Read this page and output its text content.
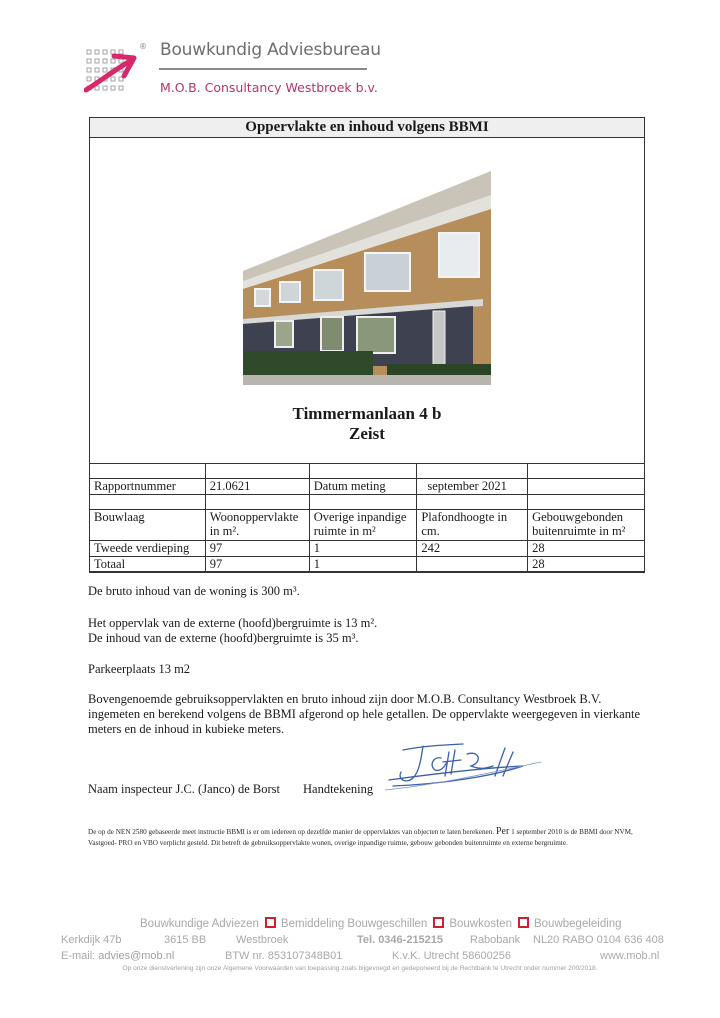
® Bouwkundig Adviesbureau
M.O.B. Consultancy Westbroek b.v.
Oppervlakte en inhoud volgens BBMI
Timmermanlaan 4 b
Zeist

Rapportnummer	21.0621	Datum meting	september 2021	

Bouwlaag	Woonoppervlakte in m².	Overige inpandige ruimte in m²	Plafondhoogte in cm.	Gebouwgebonden buitenruimte in m²
Tweede verdieping	97	1	242	28
Totaal	97	1		28
De bruto inhoud van de woning is 300 m³.
Het oppervlak van de externe (hoofd)bergruimte is 13 m².
De inhoud van de externe (hoofd)bergruimte is 35 m³.
Parkeerplaats 13 m2
Bovengenoemde gebruiksoppervlakten en bruto inhoud zijn door M.O.B. Consultancy Westbroek B.V. ingemeten en berekend volgens de BBMI afgerond op hele getallen. De oppervlakte weergegeven in vierkante meters en de inhoud in kubieke meters.
Naam inspecteur J.C. (Janco) de Borst Handtekening
De op de NEN 2580 gebaseerde meet instructie BBMI is er om iedereen op dezelfde manier de oppervlaktes van objecten te laten berekenen. Per 1 september 2010 is de BBMI door NVM, Vastgoed- PRO en VBO verplicht gesteld. Dit betreft de gebruiksoppervlakte wonen, overige inpandige ruimte, gebouw gebonden buitenruimte en externe bergruimte.
Bouwkundige Adviezen Bemiddeling Bouwgeschillen Bouwkosten Bouwbegeleiding
Kerkdijk 47b	3615 BB	Westbroek	Tel. 0346-215215 Rabobank NL20 RABO 0104 636 408
E-mail: advies@mob.nl	BTW nr. 853107348B01	K.v.K. Utrecht 58600256	www.mob.nl
Op onze dienstverlening zijn onze Algemene Voorwaarden van toepassing zoals bijgevoegd en gedeponeerd bij de Rechtbank te Utrecht onder nummer 200/2018.
